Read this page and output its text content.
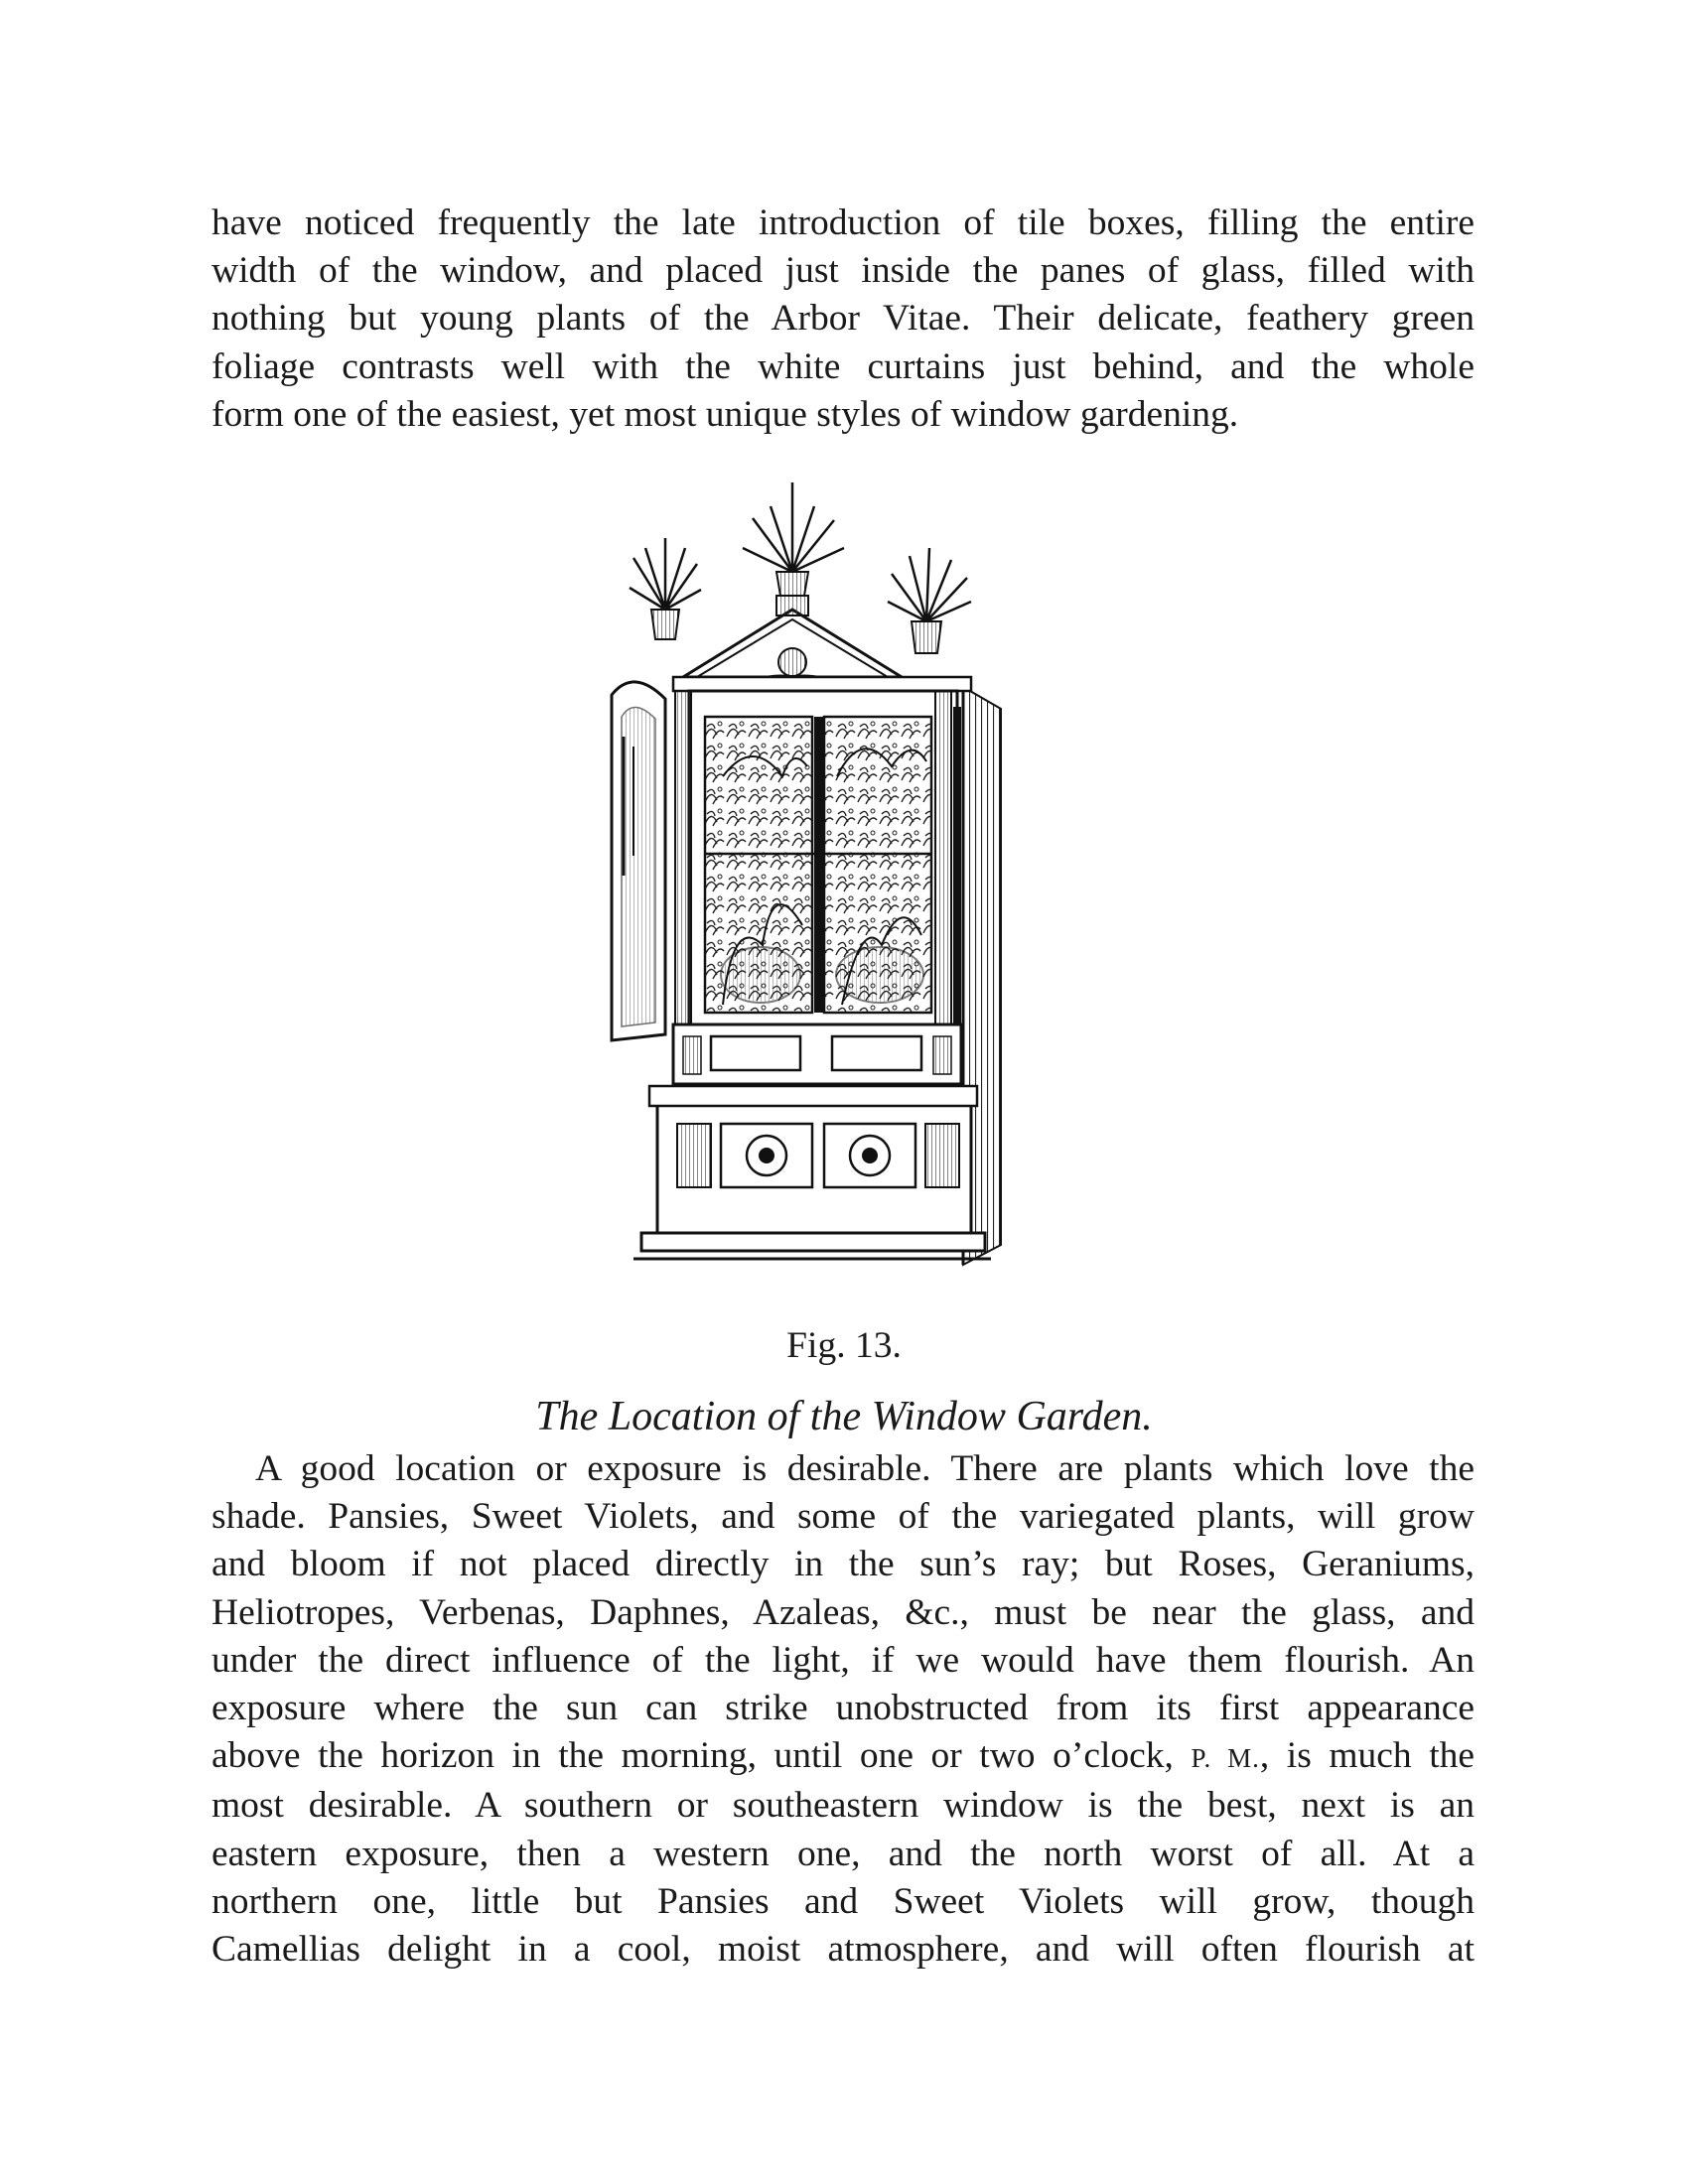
have noticed frequently the late introduction of tile boxes, filling the entire
width of the window, and placed just inside the panes of glass, filled with
nothing but young plants of the Arbor Vitae. Their delicate, feathery green
foliage contrasts well with the white curtains just behind, and the whole
form one of the easiest, yet most unique styles of window gardening.

Fig. 13.
The Location of the Window Garden.

A good location or exposure is desirable. There are plants which love the
shade. Pansies, Sweet Violets, and some of the variegated plants, will grow
and bloom if not placed directly in the sun’s ray; but Roses, Geraniums,
Heliotropes, Verbenas, Daphnes, Azaleas, &c., must be near the glass, and
under the direct influence of the light, if we would have them flourish. An
exposure where the sun can strike unobstructed from its first appearance
above the horizon in the morning, until one or two o’clock, P. M., is much the
most desirable. A southern or southeastern window is the best, next is an
eastern exposure, then a western one, and the north worst of all. At a
northern one, little but Pansies and Sweet Violets will grow, though
Camellias delight in a cool, moist atmosphere, and will often flourish at
